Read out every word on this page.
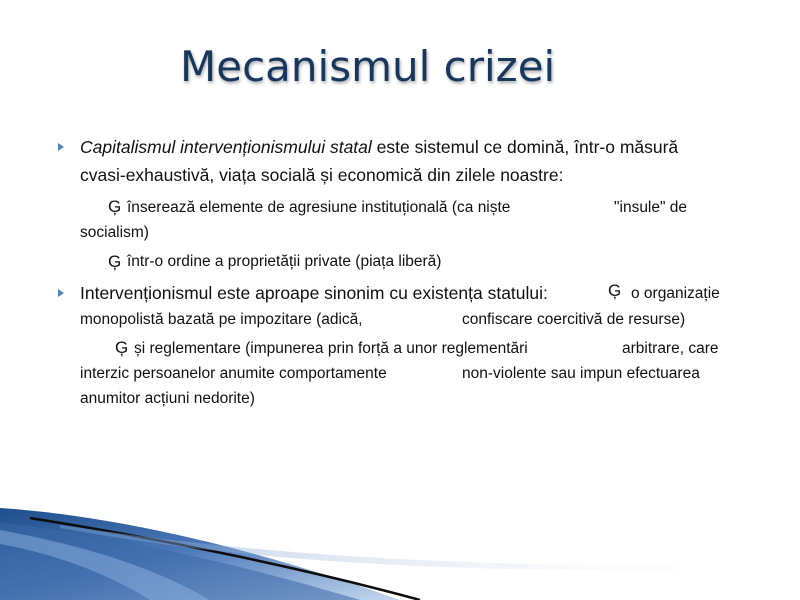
Mecanismul crizei
Capitalismul intervenționismului statal este sistemul ce domină, într-o măsură
cvasi-exhaustivă, viața socială și economică din zilele noastre:
Ģ înserează elemente de agresiune instituțională (ca niște	"insule" de
socialism)
Ģ într-o ordine a proprietății private (piața liberă)
Intervenționismul este aproape sinonim cu existența statului:	Ģ o organizație
monopolistă bazată pe impozitare (adică,	confiscare coercitivă de resurse)
Ģ și reglementare (impunerea prin forță a unor reglementări	arbitrare, care
interzic persoanelor anumite comportamente	non-violente sau impun efectuarea
anumitor acțiuni nedorite)
